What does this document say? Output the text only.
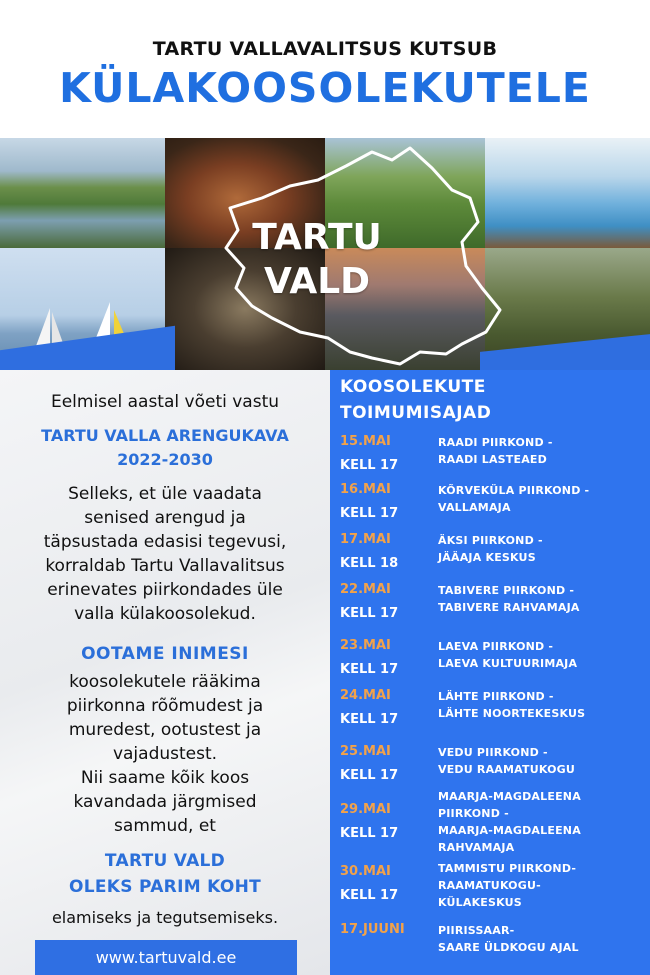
TARTU VALLAVALITSUS KUTSUB
KÜLAKOOSOLEKUTELE
TARTU
VALD
Eelmisel aastal võeti vastu
TARTU VALLA ARENGUKAVA
2022-2030
Selleks, et üle vaadata
senised arengud ja
täpsustada edasisi tegevusi,
korraldab Tartu Vallavalitsus
erinevates piirkondades üle
valla külakoosolekud.
OOTAME INIMESI
koosolekutele rääkima
piirkonna rõõmudest ja
muredest, ootustest ja
vajadustest.
Nii saame kõik koos
kavandada järgmised
sammud, et
TARTU VALD
OLEKS PARIM KOHT
elamiseks ja tegutsemiseks.
www.tartuvald.ee
KOOSOLEKUTE
TOIMUMISAJAD
15.MAI
KELL 17
RAADI PIIRKOND -
RAADI LASTEAED
16.MAI
KELL 17
KÕRVEKÜLA PIIRKOND -
VALLAMAJA
17.MAI
KELL 18
ÄKSI PIIRKOND -
JÄÄAJA KESKUS
22.MAI
KELL 17
TABIVERE PIIRKOND -
TABIVERE RAHVAMAJA
23.MAI
KELL 17
LAEVA PIIRKOND -
LAEVA KULTUURIMAJA
24.MAI
KELL 17
LÄHTE PIIRKOND -
LÄHTE NOORTEKESKUS
25.MAI
KELL 17
VEDU PIIRKOND -
VEDU RAAMATUKOGU
29.MAI
KELL 17
MAARJA-MAGDALEENA
PIIRKOND -
MAARJA-MAGDALEENA
RAHVAMAJA
30.MAI
KELL 17
TAMMISTU PIIRKOND-
RAAMATUKOGU-
KÜLAKESKUS
17.JUUNI	PIIRISSAAR-
SAARE ÜLDKOGU AJAL
